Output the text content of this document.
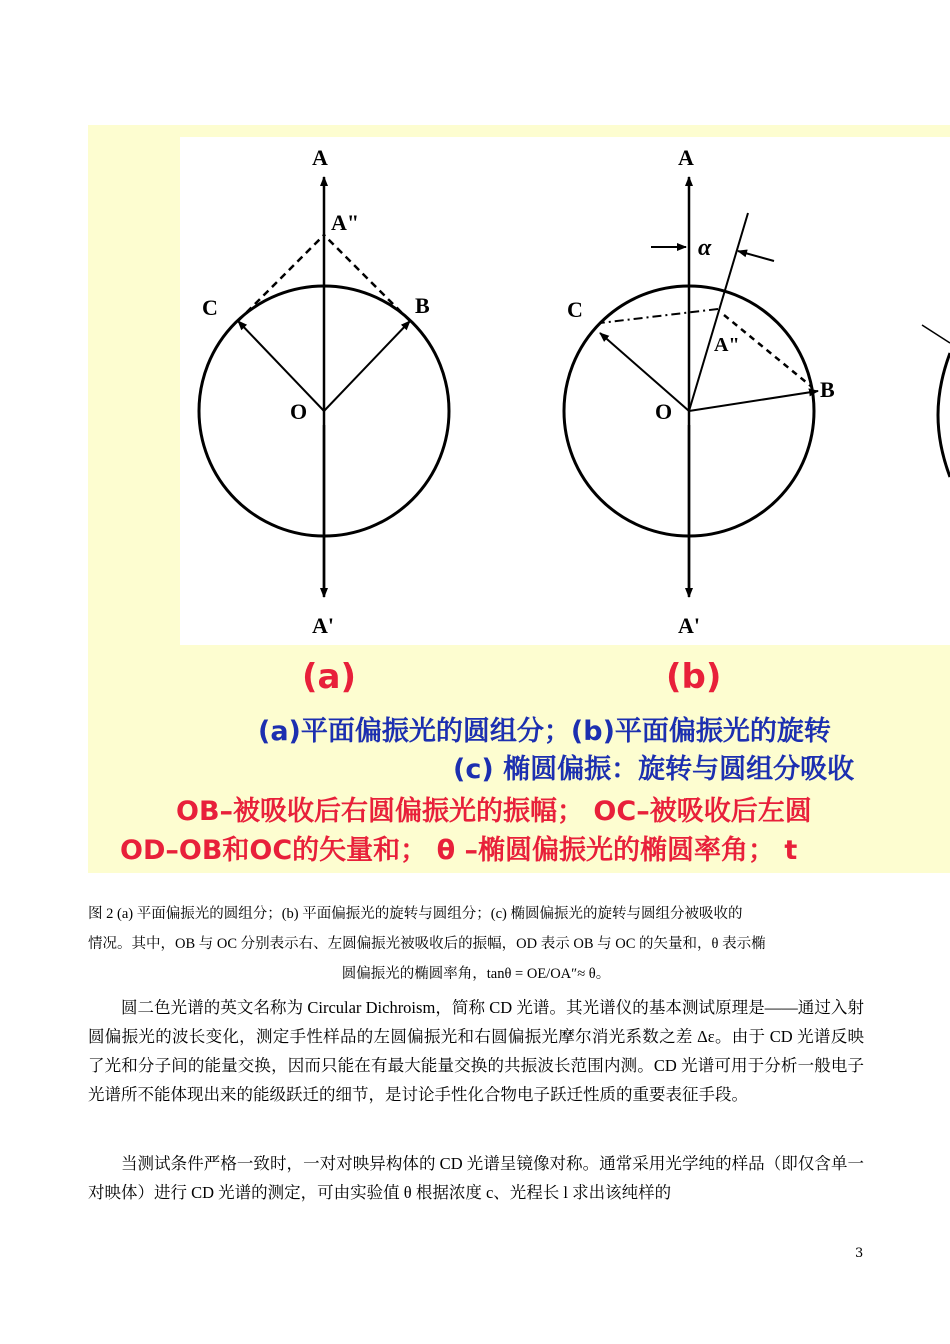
A
A"
C	B
O
A'
A
α
C
A"
B
O
A'
(a)	(b)
(a)平面偏振光的圆组分；(b)平面偏振光的旋转
(c) 椭圆偏振：旋转与圆组分吸收
OB–被吸收后右圆偏振光的振幅； OC–被吸收后左圆
OD–OB和OC的矢量和； θ –椭圆偏振光的椭圆率角； t
图 2 (a) 平面偏振光的圆组分；(b) 平面偏振光的旋转与圆组分；(c) 椭圆偏振光的旋转与圆组分被吸收的
情况。其中，OB 与 OC 分别表示右、左圆偏振光被吸收后的振幅，OD 表示 OB 与 OC 的矢量和，θ 表示椭
圆偏振光的椭圆率角，tanθ = OE/OA″≈ θ。
圆二色光谱的英文名称为 Circular Dichroism，简称 CD 光谱。其光谱仪的基本测试原理是——通过入射圆偏振光的波长变化，测定手性样品的左圆偏振光和右圆偏振光摩尔消光系数之差 Δε。由于 CD 光谱反映了光和分子间的能量交换，因而只能在有最大能量交换的共振波长范围内测。CD 光谱可用于分析一般电子光谱所不能体现出来的能级跃迁的细节，是讨论手性化合物电子跃迁性质的重要表征手段。
当测试条件严格一致时，一对对映异构体的 CD 光谱呈镜像对称。通常采用光学纯的样品（即仅含单一对映体）进行 CD 光谱的测定，可由实验值 θ 根据浓度 c、光程长 l 求出该纯样的
3
